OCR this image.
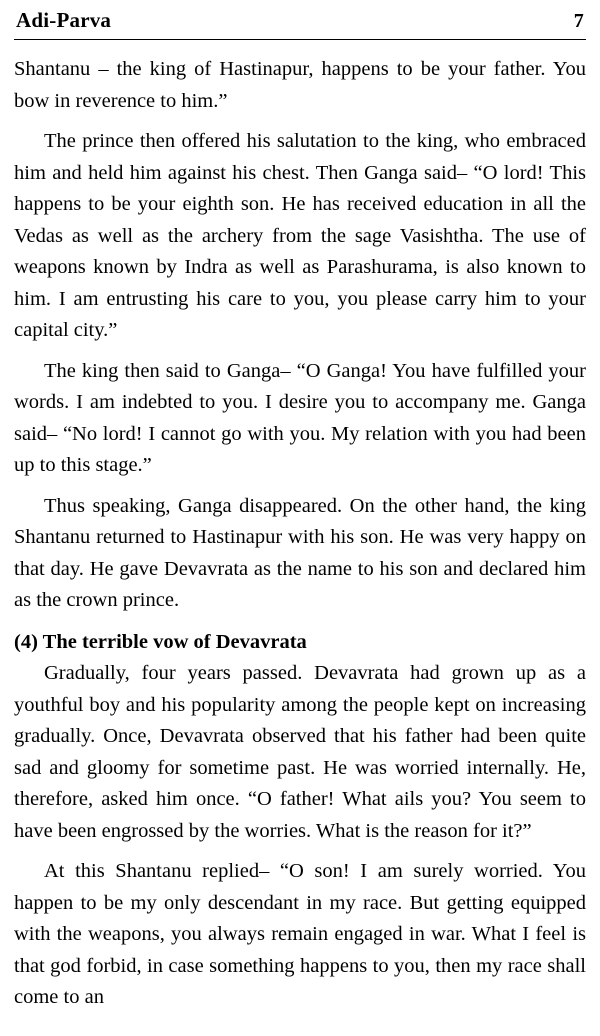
Adi-Parva	7

Shantanu – the king of Hastinapur, happens to be your father. You bow in reverence to him.”

The prince then offered his salutation to the king, who embraced him and held him against his chest. Then Ganga said– “O lord! This happens to be your eighth son. He has received education in all the Vedas as well as the archery from the sage Vasishtha. The use of weapons known by Indra as well as Parashurama, is also known to him. I am entrusting his care to you, you please carry him to your capital city.”

The king then said to Ganga– “O Ganga! You have fulfilled your words. I am indebted to you. I desire you to accompany me. Ganga said– “No lord! I cannot go with you. My relation with you had been up to this stage.”

Thus speaking, Ganga disappeared. On the other hand, the king Shantanu returned to Hastinapur with his son. He was very happy on that day. He gave Devavrata as the name to his son and declared him as the crown prince.

(4) The terrible vow of Devavrata

Gradually, four years passed. Devavrata had grown up as a youthful boy and his popularity among the people kept on increasing gradually. Once, Devavrata observed that his father had been quite sad and gloomy for sometime past. He was worried internally. He, therefore, asked him once. “O father! What ails you? You seem to have been engrossed by the worries. What is the reason for it?”

At this Shantanu replied– “O son! I am surely worried. You happen to be my only descendant in my race. But getting equipped with the weapons, you always remain engaged in war. What I feel is that god forbid, in case something happens to you, then my race shall come to an
